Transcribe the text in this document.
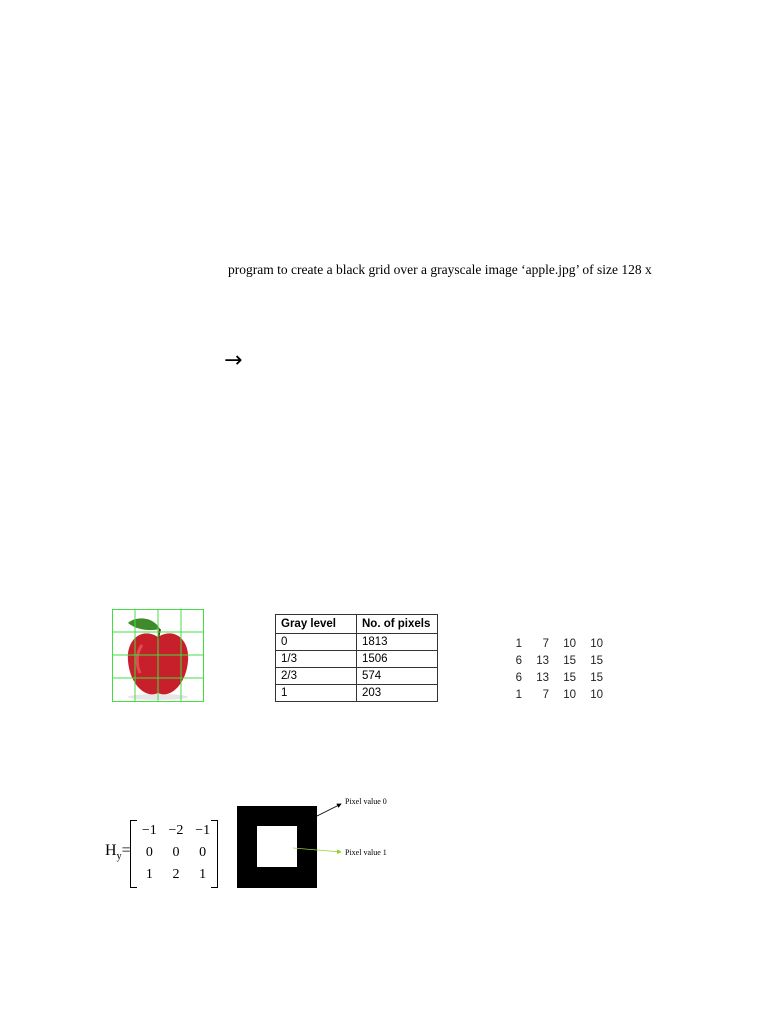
program to create a black grid over a grayscale image ‘apple.jpg’ of size 128 x
→
Gray level	No. of pixels
0	1813
1/3	1506
2/3	574
1	203
1	7	10	10
6	13	15	15
6	13	15	15
1	7	10	10
$H_y=$
−1	−2	−1
0	0	0
1	2	1
Pixel value 0
Pixel value 1
